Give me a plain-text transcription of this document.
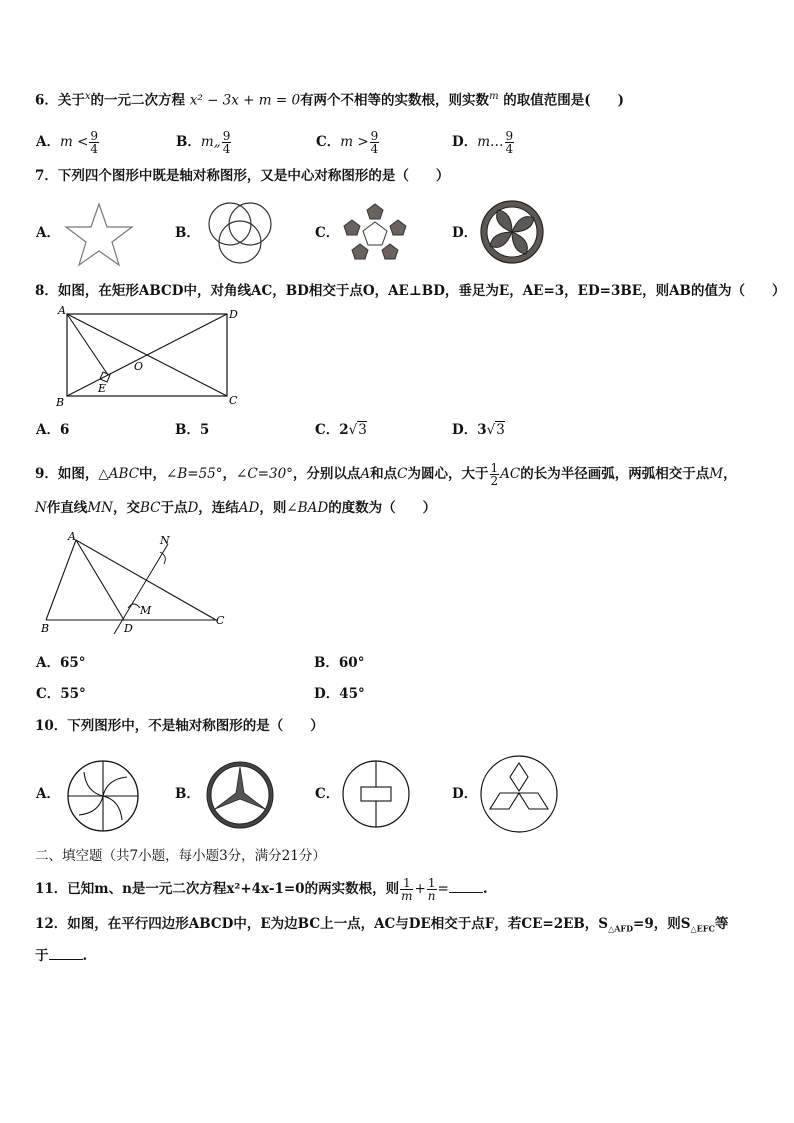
6．关于$^x$的一元二次方程 x² − 3x + m = 0有两个不相等的实数根，则实数$^m$ 的取值范围是(　　)
A．$m < \frac{9}{4}$	B．m„ $\frac{9}{4}$	C．$m > \frac{9}{4}$	D．m… $\frac{9}{4}$
7．下列四个图形中既是轴对称图形，又是中心对称图形的是（　　）
A．	B．	C．	D．
8．如图，在矩形ABCD中，对角线AC，BD相交于点O，AE⊥BD，垂足为E，AE=3，ED=3BE，则AB的值为（　　）
A	D
B	C
O
E
A．6	B．5	C．2√3	D．3√3
9．如图，△ABC中，∠B=55°，∠C=30°，分别以点A和点C为圆心，大于 $\frac{1}{2}$ AC的长为半径画弧，两弧相交于点M，
N作直线MN，交BC于点D，连结AD，则∠BAD的度数为（　　）
A
B
C
D
M
N
A．65°	B．60°
C．55°	D．45°
10．下列图形中，不是轴对称图形的是（　　）
A．	B．	C．	D．
二、填空题（共7小题，每小题3分，满分21分）
11．已知m、n是一元二次方程x²+4x-1=0的两实数根，则 $\frac{1}{m} + \frac{1}{n}$ =	.
12．如图，在平行四边形ABCD中，E为边BC上一点，AC与DE相交于点F，若CE=2EB，$S_{\triangle AFD}=9$，则$S_{\triangle EFC}$等
于	.
